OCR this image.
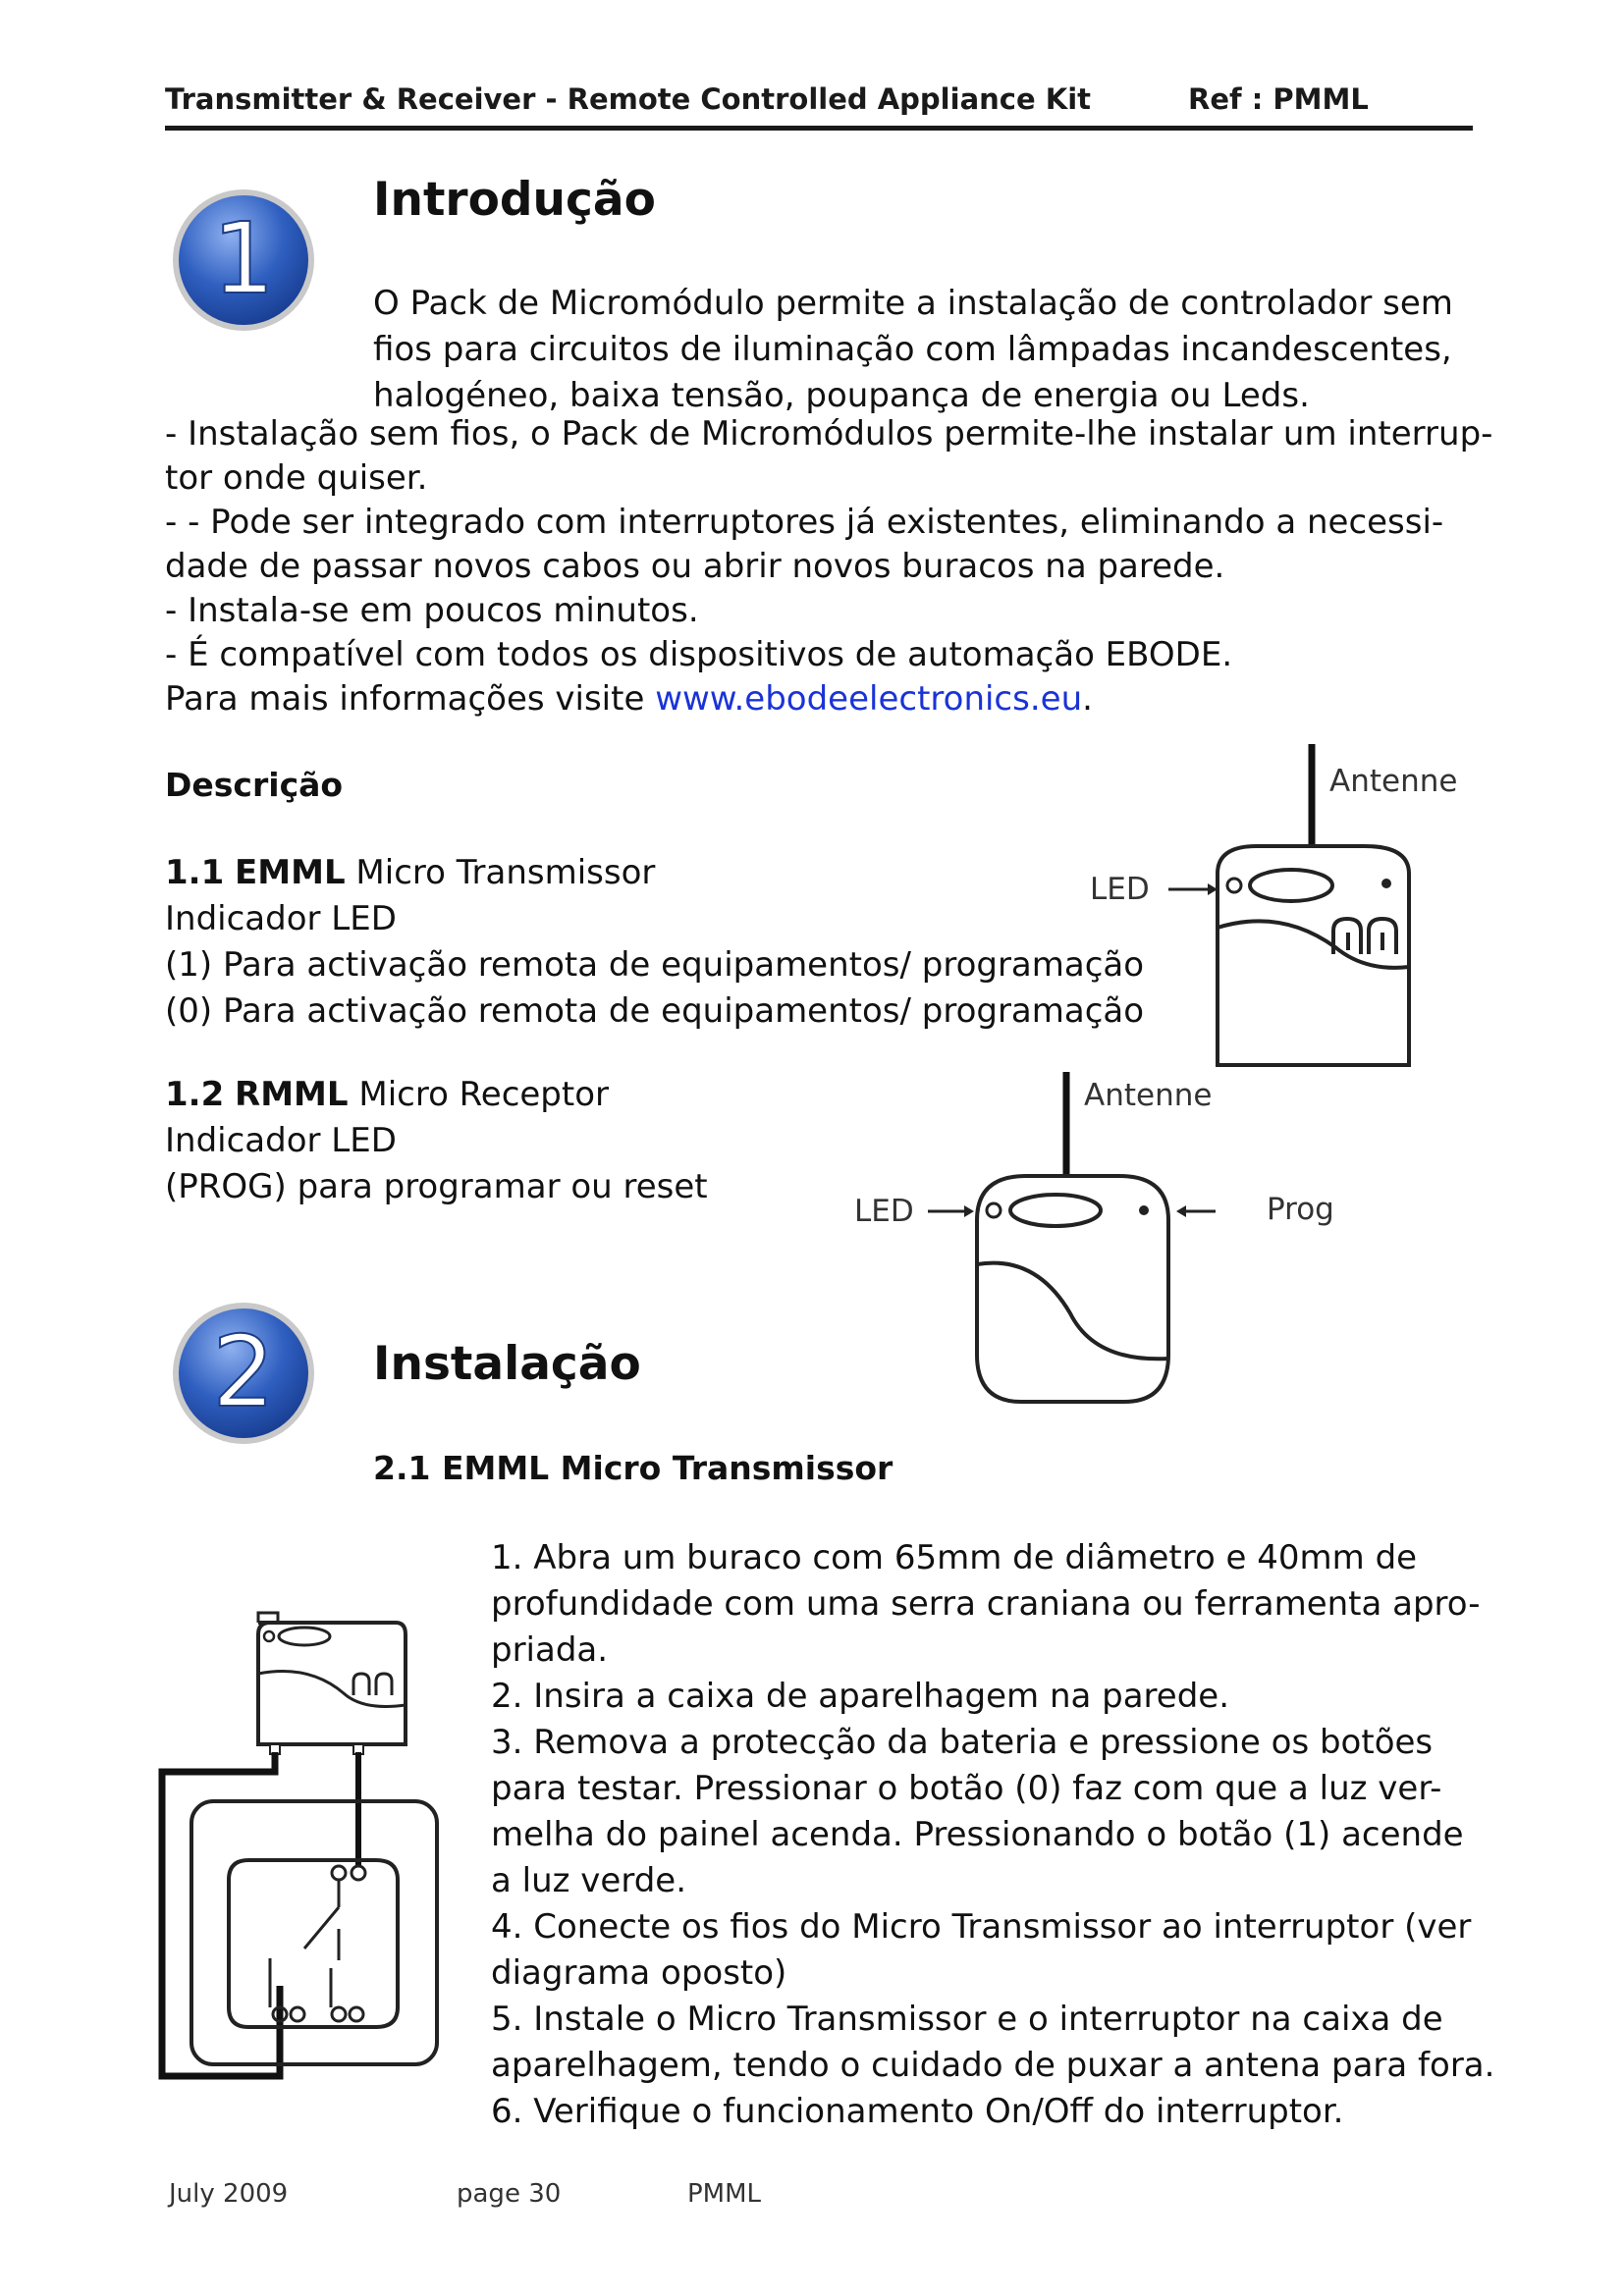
Transmitter & Receiver - Remote Controlled Appliance Kit	Ref : PMML
1
Introdução
O Pack de Micromódulo permite a instalação de controlador sem
fios para circuitos de iluminação com lâmpadas incandescentes,
halogéneo, baixa tensão, poupança de energia ou Leds.
- Instalação sem fios, o Pack de Micromódulos permite-lhe instalar um interrup-
tor onde quiser.
- - Pode ser integrado com interruptores já existentes, eliminando a necessi-
dade de passar novos cabos ou abrir novos buracos na parede.
- Instala-se em poucos minutos.
- É compatível com todos os dispositivos de automação EBODE.
Para mais informações visite www.ebodeelectronics.eu.
Descrição
1.1 EMML Micro Transmissor
Indicador LED
(1) Para activação remota de equipamentos/ programação
(0) Para activação remota de equipamentos/ programação
1.2 RMML Micro Receptor
Indicador LED
(PROG) para programar ou reset
Antenne
LED
Antenne
LED	Prog
2 Instalação
2.1 EMML Micro Transmissor
1. Abra um buraco com 65mm de diâmetro e 40mm de
profundidade com uma serra craniana ou ferramenta apro-
priada.
2. Insira a caixa de aparelhagem na parede.
3. Remova a protecção da bateria e pressione os botões
para testar. Pressionar o botão (0) faz com que a luz ver-
melha do painel acenda. Pressionando o botão (1) acende
a luz verde.
4. Conecte os fios do Micro Transmissor ao interruptor (ver
diagrama oposto)
5. Instale o Micro Transmissor e o interruptor na caixa de
aparelhagem, tendo o cuidado de puxar a antena para fora.
6. Verifique o funcionamento On/Off do interruptor.
July 2009	page 30	PMML
